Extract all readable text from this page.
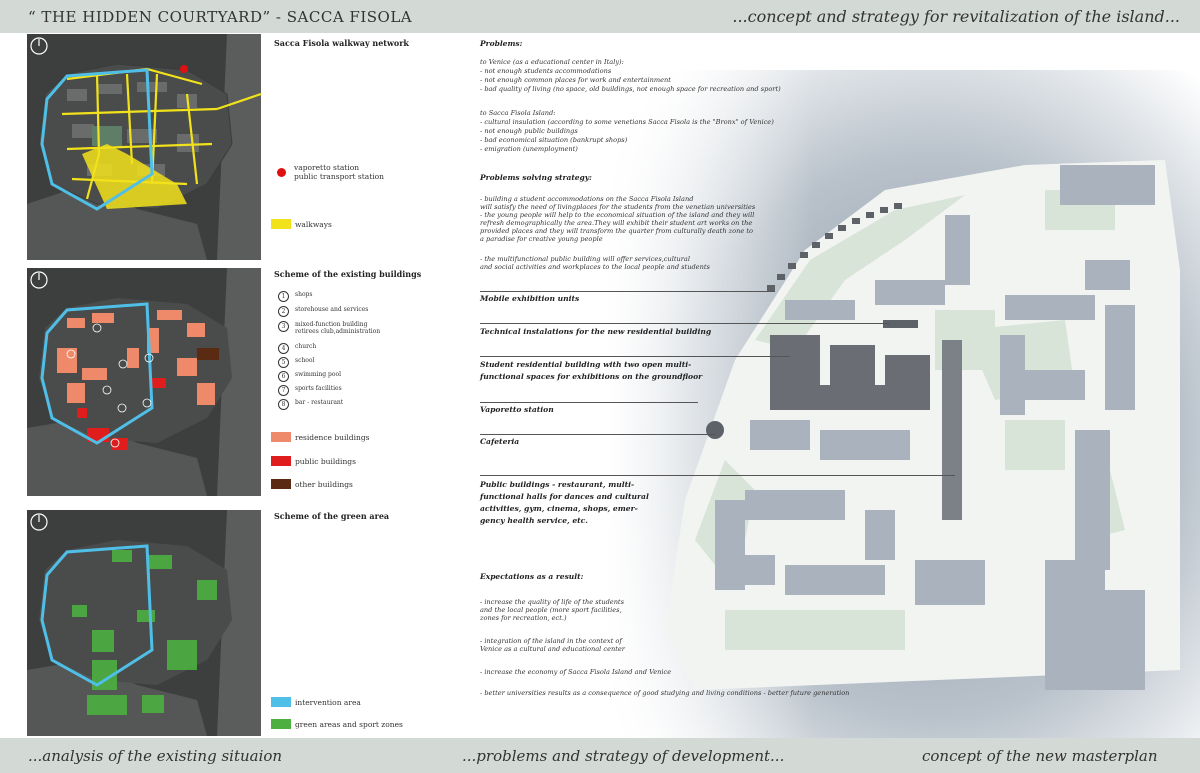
“ THE HIDDEN COURTYARD” - SACCA FISOLA	...concept and strategy for revitalization of the island...
...analysis of the existing situaion	...problems and strategy of development...	concept of the new masterplan
Sacca Fisola walkway network
vaporetto station
public transport station
walkways
Scheme of the existing buildings
1	shops
2	storehouse and services
3	mixed-function building
retirees club,administration
4	church
5	school
6	swimming pool
7	sports facilities
8	bar - restaurant
residence buildings
public buildings
other buildings
Scheme of the green area
intervention area
green areas and sport zones
Problems:
to Venice (as a educational center in Italy):
- not enough students accommodations
- not enough common places for work and entertainment
- bad quality of living (no space, old buildings, not enough space for recreation and sport)
to Sacca Fisola Island:
- cultural insulation (according to some venetians Sacca Fisola is the "Bronx" of Venice)
- not enough public buildings
- bad economical situation (bankrupt shops)
- emigration (unemployment)
Problems solving strategy:
- building a student accommodations on the Sacca Fisola Island
will satisfy the need of livingplaces for the students from the venetian universities
- the young people will help to the economical situation of the island and they will
refresh demographically the area.They will exhibit their student art works on the
provided places and they will transform the quarter from culturally death zone to
a paradise for creative young people
- the multifunctional public building will offer services,cultural
and social activities and workplaces to the local people and students
Mobile exhibition units
Technical instalations for the new residential building
Student residential building with two open multi-
functional spaces for exhibitions on the groundfloor
Vaporetto station
Cafeteria
Public buildings - restaurant, multi-
functional halls for dances and cultural
activities, gym, cinema, shops, emer-
gency health service, etc.
Expectations as a result:
- increase the quality of life of the students
and the local people (more sport facilities,
zones for recreation, ect.)
- integration of the island in the context of
Venice as a cultural and educational center
- increase the economy of Sacca Fisola Island and Venice
- better universities results as a consequence of good studying and living conditions - better future generation
